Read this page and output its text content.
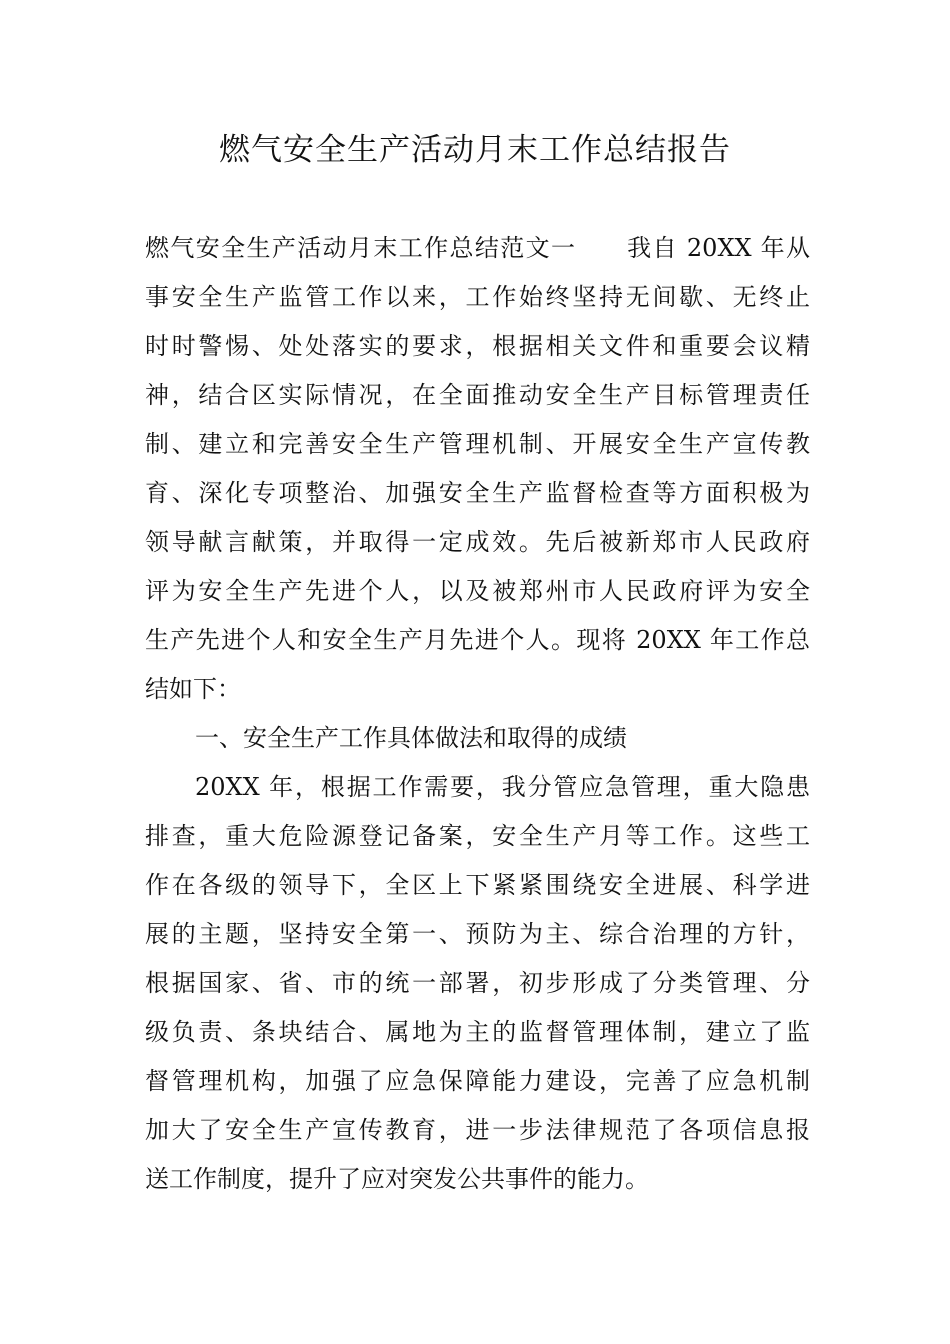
燃气安全生产活动月末工作总结报告
燃气安全生产活动月末工作总结范文一　　我自 20XX 年从
事安全生产监管工作以来，工作始终坚持无间歇、无终止
时时警惕、处处落实的要求，根据相关文件和重要会议精
神，结合区实际情况，在全面推动安全生产目标管理责任
制、建立和完善安全生产管理机制、开展安全生产宣传教
育、深化专项整治、加强安全生产监督检查等方面积极为
领导献言献策，并取得一定成效。先后被新郑市人民政府
评为安全生产先进个人，以及被郑州市人民政府评为安全
生产先进个人和安全生产月先进个人。现将 20XX 年工作总
结如下：
一、安全生产工作具体做法和取得的成绩
20XX 年，根据工作需要，我分管应急管理，重大隐患
排查，重大危险源登记备案，安全生产月等工作。这些工
作在各级的领导下，全区上下紧紧围绕安全进展、科学进
展的主题，坚持安全第一、预防为主、综合治理的方针，
根据国家、省、市的统一部署，初步形成了分类管理、分
级负责、条块结合、属地为主的监督管理体制，建立了监
督管理机构，加强了应急保障能力建设，完善了应急机制
加大了安全生产宣传教育，进一步法律规范了各项信息报
送工作制度，提升了应对突发公共事件的能力。
